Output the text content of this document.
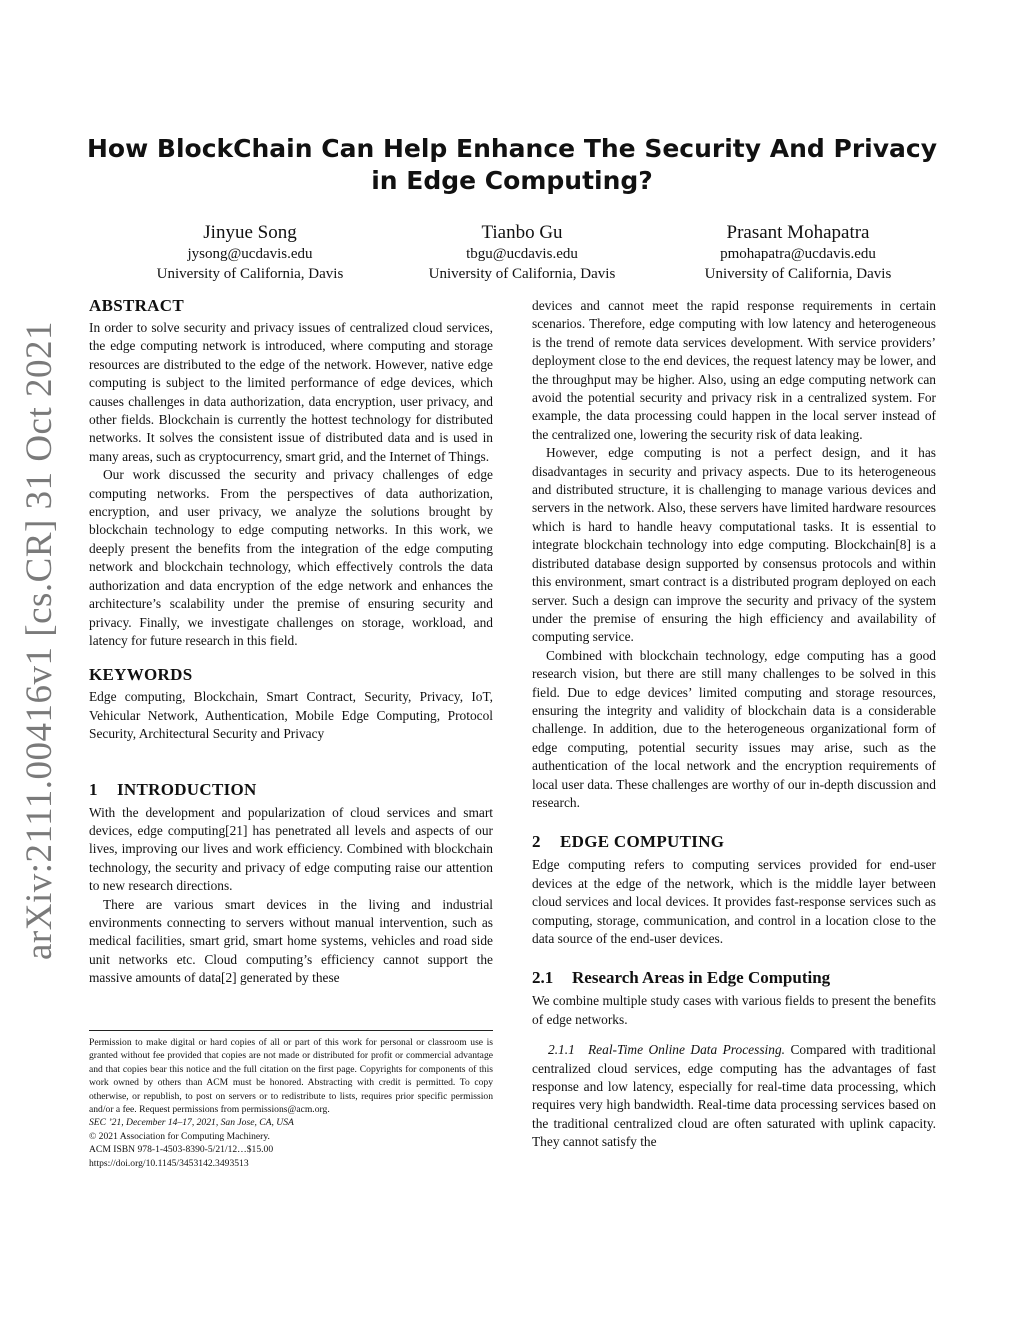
arXiv:2111.00416v1 [cs.CR] 31 Oct 2021
How BlockChain Can Help Enhance The Security And Privacy in Edge Computing?
Jinyue Song
jysong@ucdavis.edu
University of California, Davis
Tianbo Gu
tbgu@ucdavis.edu
University of California, Davis
Prasant Mohapatra
pmohapatra@ucdavis.edu
University of California, Davis
ABSTRACT

In order to solve security and privacy issues of centralized cloud services, the edge computing network is introduced, where computing and storage resources are distributed to the edge of the network. However, native edge computing is subject to the limited performance of edge devices, which causes challenges in data authorization, data encryption, user privacy, and other fields. Blockchain is currently the hottest technology for distributed networks. It solves the consistent issue of distributed data and is used in many areas, such as cryptocurrency, smart grid, and the Internet of Things.

Our work discussed the security and privacy challenges of edge computing networks. From the perspectives of data authorization, encryption, and user privacy, we analyze the solutions brought by blockchain technology to edge computing networks. In this work, we deeply present the benefits from the integration of the edge computing network and blockchain technology, which effectively controls the data authorization and data encryption of the edge network and enhances the architecture’s scalability under the premise of ensuring security and privacy. Finally, we investigate challenges on storage, workload, and latency for future research in this field.

KEYWORDS

Edge computing, Blockchain, Smart Contract, Security, Privacy, IoT, Vehicular Network, Authentication, Mobile Edge Computing, Protocol Security, Architectural Security and Privacy

1 INTRODUCTION

With the development and popularization of cloud services and smart devices, edge computing[21] has penetrated all levels and aspects of our lives, improving our lives and work efficiency. Combined with blockchain technology, the security and privacy of edge computing raise our attention to new research directions.

There are various smart devices in the living and industrial environments connecting to servers without manual intervention, such as medical facilities, smart grid, smart home systems, vehicles and road side unit networks etc. Cloud computing’s efficiency cannot support the massive amounts of data[2] generated by these

Permission to make digital or hard copies of all or part of this work for personal or classroom use is granted without fee provided that copies are not made or distributed for profit or commercial advantage and that copies bear this notice and the full citation on the first page. Copyrights for components of this work owned by others than ACM must be honored. Abstracting with credit is permitted. To copy otherwise, or republish, to post on servers or to redistribute to lists, requires prior specific permission and/or a fee. Request permissions from permissions@acm.org.

SEC ’21, December 14–17, 2021, San Jose, CA, USA

© 2021 Association for Computing Machinery.

ACM ISBN 978-1-4503-8390-5/21/12…$15.00

https://doi.org/10.1145/3453142.3493513

devices and cannot meet the rapid response requirements in certain scenarios. Therefore, edge computing with low latency and heterogeneous is the trend of remote data services development. With service providers’ deployment close to the end devices, the request latency may be lower, and the throughput may be higher. Also, using an edge computing network can avoid the potential security and privacy risk in a centralized system. For example, the data processing could happen in the local server instead of the centralized one, lowering the security risk of data leaking.

However, edge computing is not a perfect design, and it has disadvantages in security and privacy aspects. Due to its heterogeneous and distributed structure, it is challenging to manage various devices and servers in the network. Also, these servers have limited hardware resources which is hard to handle heavy computational tasks. It is essential to integrate blockchain technology into edge computing. Blockchain[8] is a distributed database design supported by consensus protocols and within this environment, smart contract is a distributed program deployed on each server. Such a design can improve the security and privacy of the system under the premise of ensuring the high efficiency and availability of computing service.

Combined with blockchain technology, edge computing has a good research vision, but there are still many challenges to be solved in this field. Due to edge devices’ limited computing and storage resources, ensuring the integrity and validity of blockchain data is a considerable challenge. In addition, due to the heterogeneous organizational form of edge computing, potential security issues may arise, such as the authentication of the local network and the encryption requirements of local user data. These challenges are worthy of our in-depth discussion and research.

2 EDGE COMPUTING

Edge computing refers to computing services provided for end-user devices at the edge of the network, which is the middle layer between cloud services and local devices. It provides fast-response services such as computing, storage, communication, and control in a location close to the data source of the end-user devices.

2.1 Research Areas in Edge Computing

We combine multiple study cases with various fields to present the benefits of edge networks.

2.1.1 Real-Time Online Data Processing. Compared with traditional centralized cloud services, edge computing has the advantages of fast response and low latency, especially for real-time data processing, which requires very high bandwidth. Real-time data processing services based on the traditional centralized cloud are often saturated with uplink capacity. They cannot satisfy the
